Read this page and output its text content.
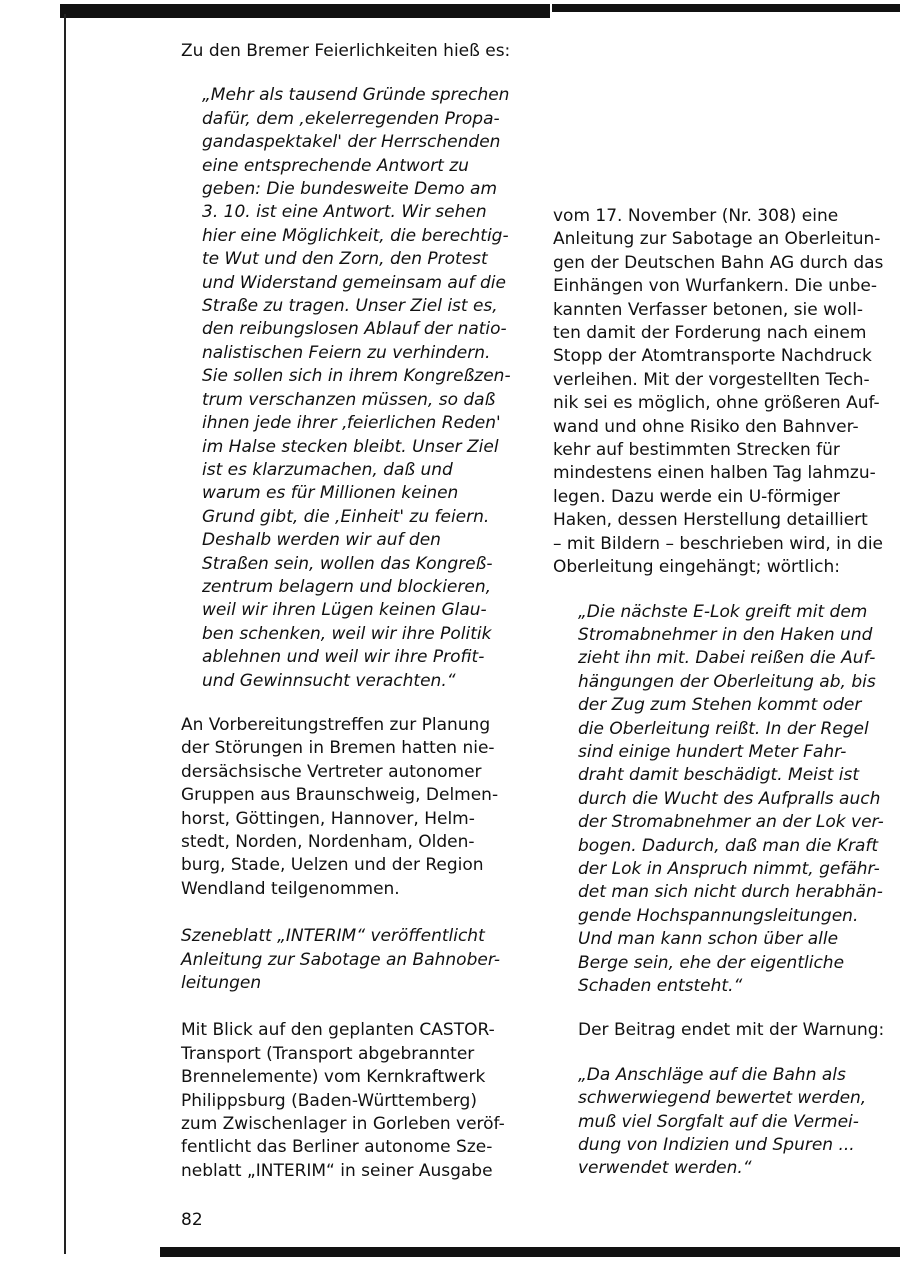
Zu den Bremer Feierlichkeiten hieß es:

„Mehr als tausend Gründe sprechen
dafür, dem ‚ekelerregenden Propa-
gandaspektakel' der Herrschenden
eine entsprechende Antwort zu
geben: Die bundesweite Demo am
3. 10. ist eine Antwort. Wir sehen
hier eine Möglichkeit, die berechtig-
te Wut und den Zorn, den Protest
und Widerstand gemeinsam auf die
Straße zu tragen. Unser Ziel ist es,
den reibungslosen Ablauf der natio-
nalistischen Feiern zu verhindern.
Sie sollen sich in ihrem Kongreßzen-
trum verschanzen müssen, so daß
ihnen jede ihrer ‚feierlichen Reden'
im Halse stecken bleibt. Unser Ziel
ist es klarzumachen, daß und
warum es für Millionen keinen
Grund gibt, die ‚Einheit' zu feiern.
Deshalb werden wir auf den
Straßen sein, wollen das Kongreß-
zentrum belagern und blockieren,
weil wir ihren Lügen keinen Glau-
ben schenken, weil wir ihre Politik
ablehnen und weil wir ihre Profit-
und Gewinnsucht verachten.“

An Vorbereitungstreffen zur Planung
der Störungen in Bremen hatten nie-
dersächsische Vertreter autonomer
Gruppen aus Braunschweig, Delmen-
horst, Göttingen, Hannover, Helm-
stedt, Norden, Nordenham, Olden-
burg, Stade, Uelzen und der Region
Wendland teilgenommen.

Szeneblatt „INTERIM“ veröffentlicht
Anleitung zur Sabotage an Bahnober-
leitungen

Mit Blick auf den geplanten CASTOR-
Transport (Transport abgebrannter
Brennelemente) vom Kernkraftwerk
Philippsburg (Baden-Württemberg)
zum Zwischenlager in Gorleben veröf-
fentlicht das Berliner autonome Sze-
neblatt „INTERIM“ in seiner Ausgabe

vom 17. November (Nr. 308) eine
Anleitung zur Sabotage an Oberleitun-
gen der Deutschen Bahn AG durch das
Einhängen von Wurfankern. Die unbe-
kannten Verfasser betonen, sie woll-
ten damit der Forderung nach einem
Stopp der Atomtransporte Nachdruck
verleihen. Mit der vorgestellten Tech-
nik sei es möglich, ohne größeren Auf-
wand und ohne Risiko den Bahnver-
kehr auf bestimmten Strecken für
mindestens einen halben Tag lahmzu-
legen. Dazu werde ein U-förmiger
Haken, dessen Herstellung detailliert
– mit Bildern – beschrieben wird, in die
Oberleitung eingehängt; wörtlich:

„Die nächste E-Lok greift mit dem
Stromabnehmer in den Haken und
zieht ihn mit. Dabei reißen die Auf-
hängungen der Oberleitung ab, bis
der Zug zum Stehen kommt oder
die Oberleitung reißt. In der Regel
sind einige hundert Meter Fahr-
draht damit beschädigt. Meist ist
durch die Wucht des Aufpralls auch
der Stromabnehmer an der Lok ver-
bogen. Dadurch, daß man die Kraft
der Lok in Anspruch nimmt, gefähr-
det man sich nicht durch herabhän-
gende Hochspannungsleitungen.
Und man kann schon über alle
Berge sein, ehe der eigentliche
Schaden entsteht.“

Der Beitrag endet mit der Warnung:

„Da Anschläge auf die Bahn als
schwerwiegend bewertet werden,
muß viel Sorgfalt auf die Vermei-
dung von Indizien und Spuren ...
verwendet werden.“

82
